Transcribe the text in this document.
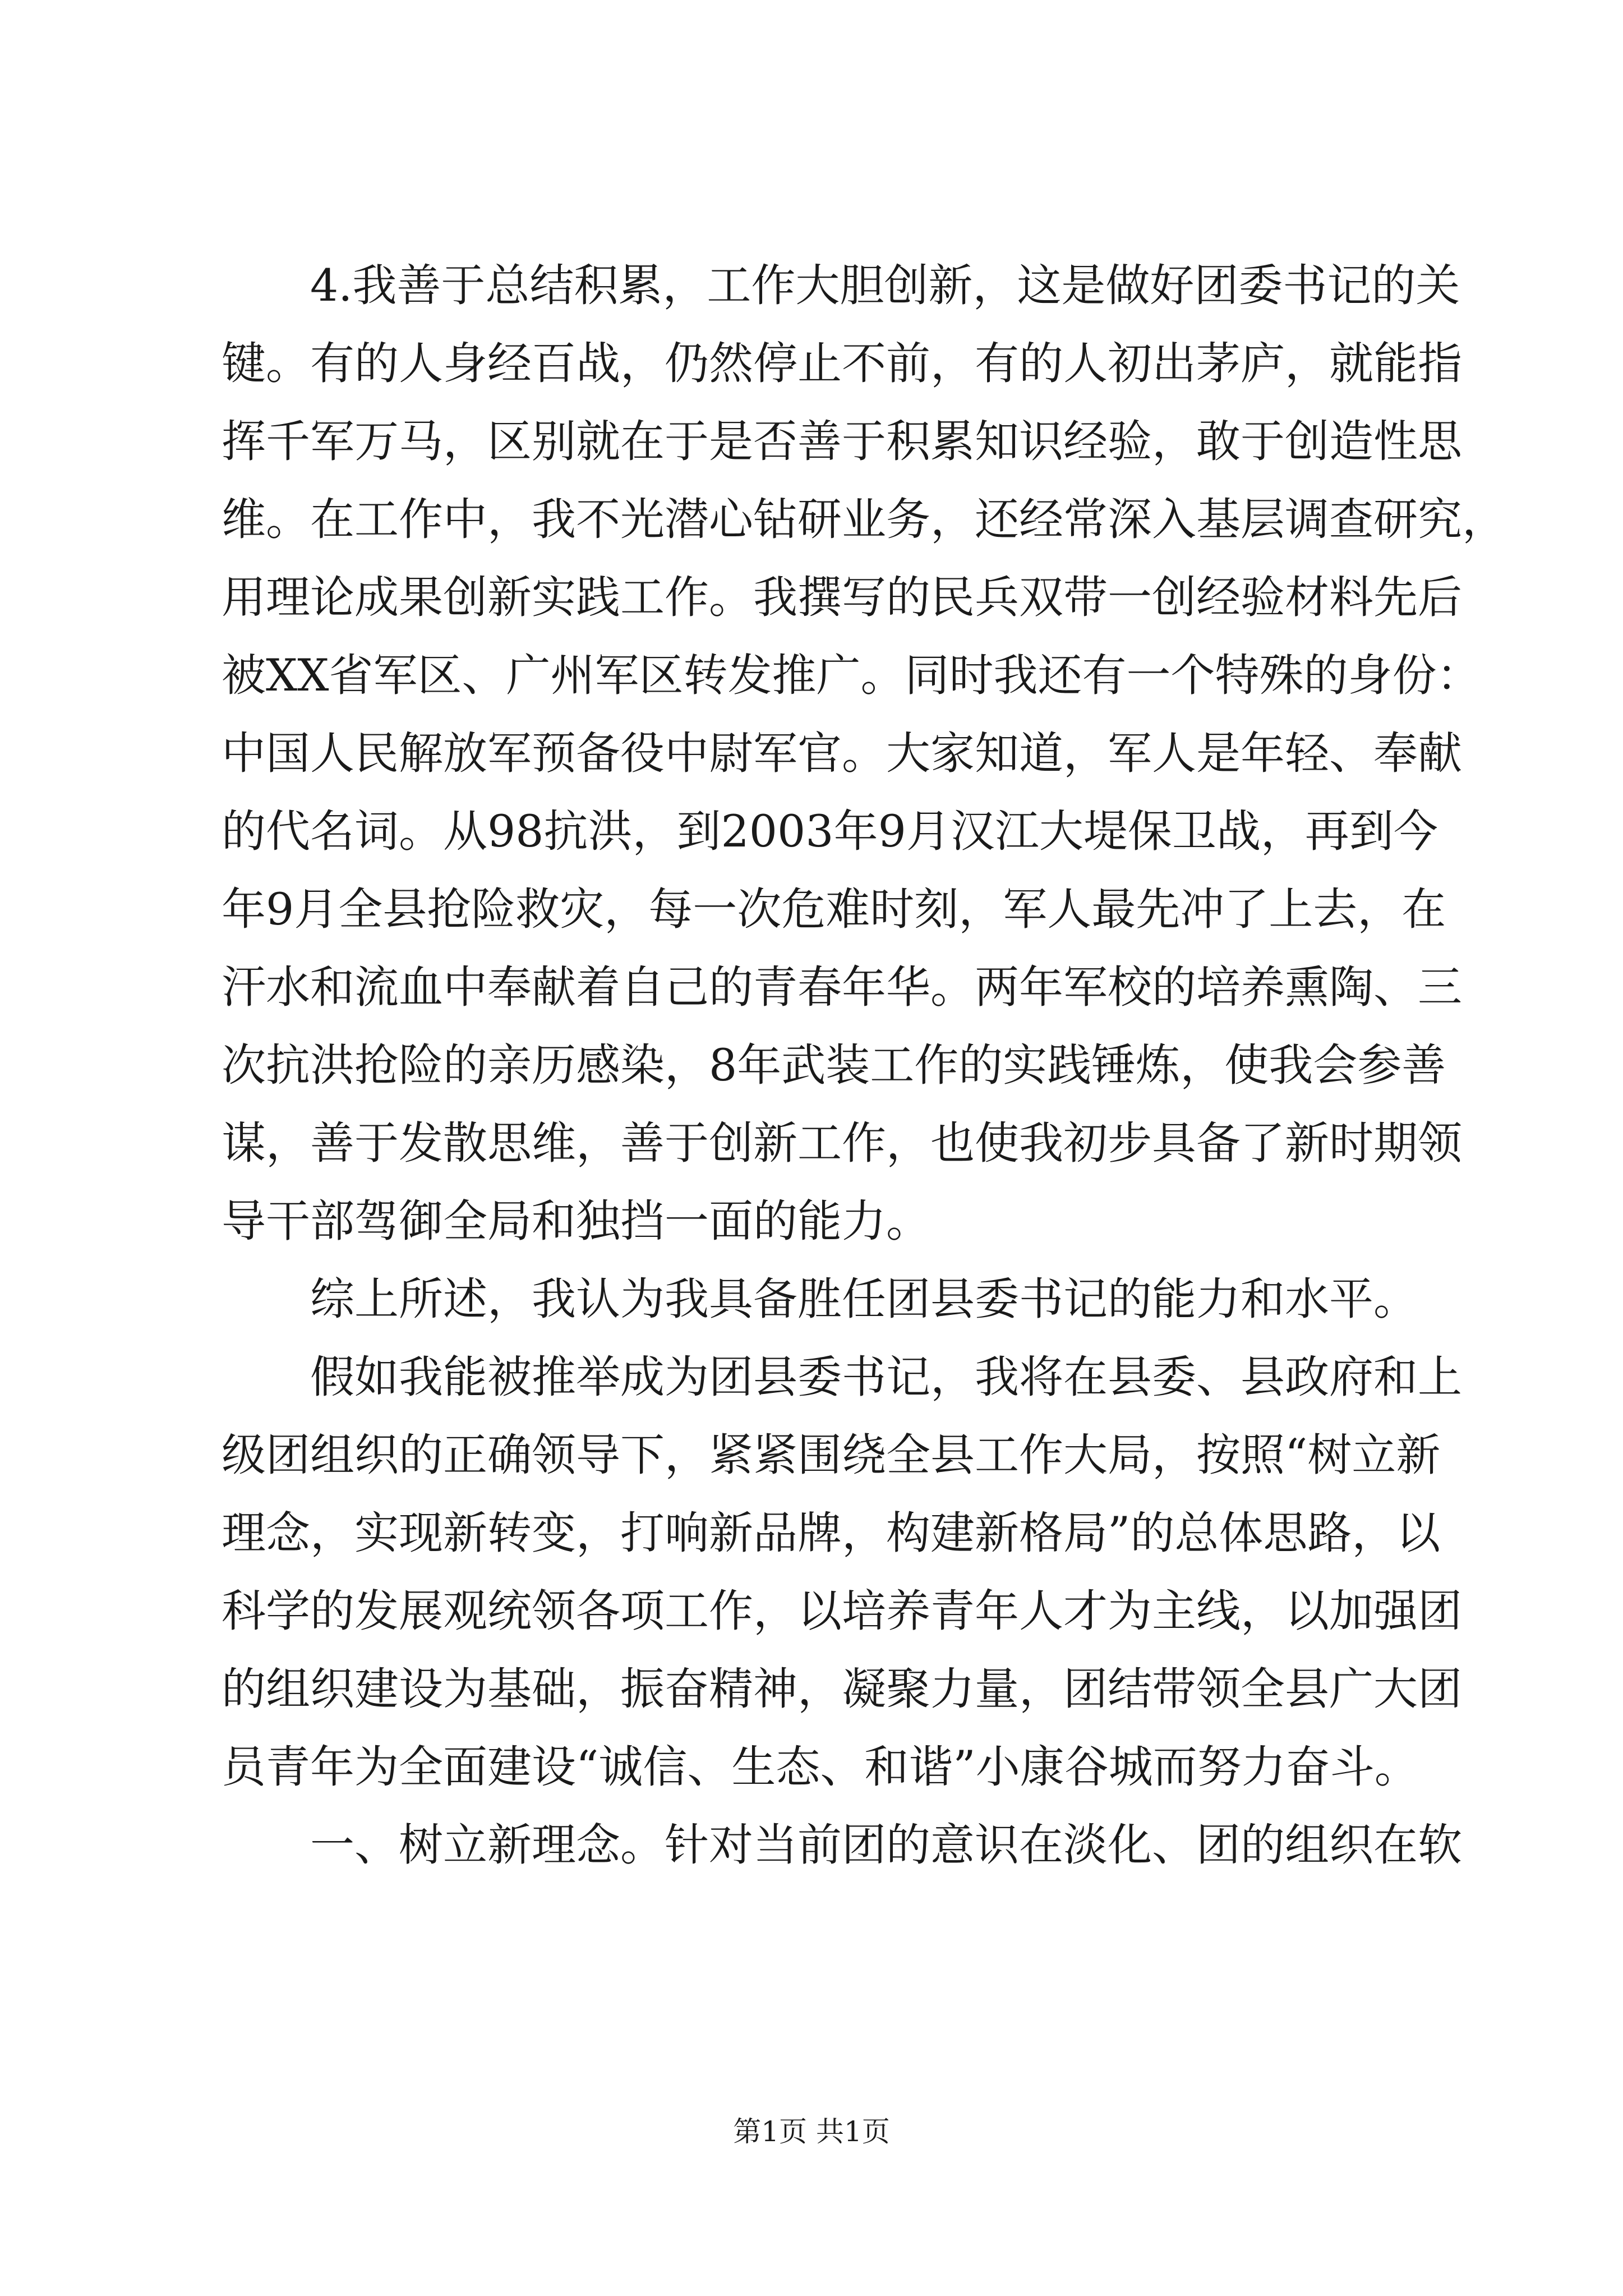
　　4.我善于总结积累，工作大胆创新，这是做好团委书记的关
键。有的人身经百战，仍然停止不前，有的人初出茅庐，就能指
挥千军万马，区别就在于是否善于积累知识经验，敢于创造性思
维。在工作中，我不光潜心钻研业务，还经常深入基层调查研究，
用理论成果创新实践工作。我撰写的民兵双带一创经验材料先后
被XX省军区、广州军区转发推广。同时我还有一个特殊的身份：
中国人民解放军预备役中尉军官。大家知道，军人是年轻、奉献
的代名词。从98抗洪，到2003年9月汉江大堤保卫战，再到今
年9月全县抢险救灾，每一次危难时刻，军人最先冲了上去，在
汗水和流血中奉献着自己的青春年华。两年军校的培养熏陶、三
次抗洪抢险的亲历感染，8年武装工作的实践锤炼，使我会参善
谋，善于发散思维，善于创新工作，也使我初步具备了新时期领
导干部驾御全局和独挡一面的能力。
　　综上所述，我认为我具备胜任团县委书记的能力和水平。
　　假如我能被推举成为团县委书记，我将在县委、县政府和上
级团组织的正确领导下，紧紧围绕全县工作大局，按照“树立新
理念，实现新转变，打响新品牌，构建新格局”的总体思路，以
科学的发展观统领各项工作，以培养青年人才为主线，以加强团
的组织建设为基础，振奋精神，凝聚力量，团结带领全县广大团
员青年为全面建设“诚信、生态、和谐”小康谷城而努力奋斗。
　　一、树立新理念。针对当前团的意识在淡化、团的组织在软
第1页 共1页
